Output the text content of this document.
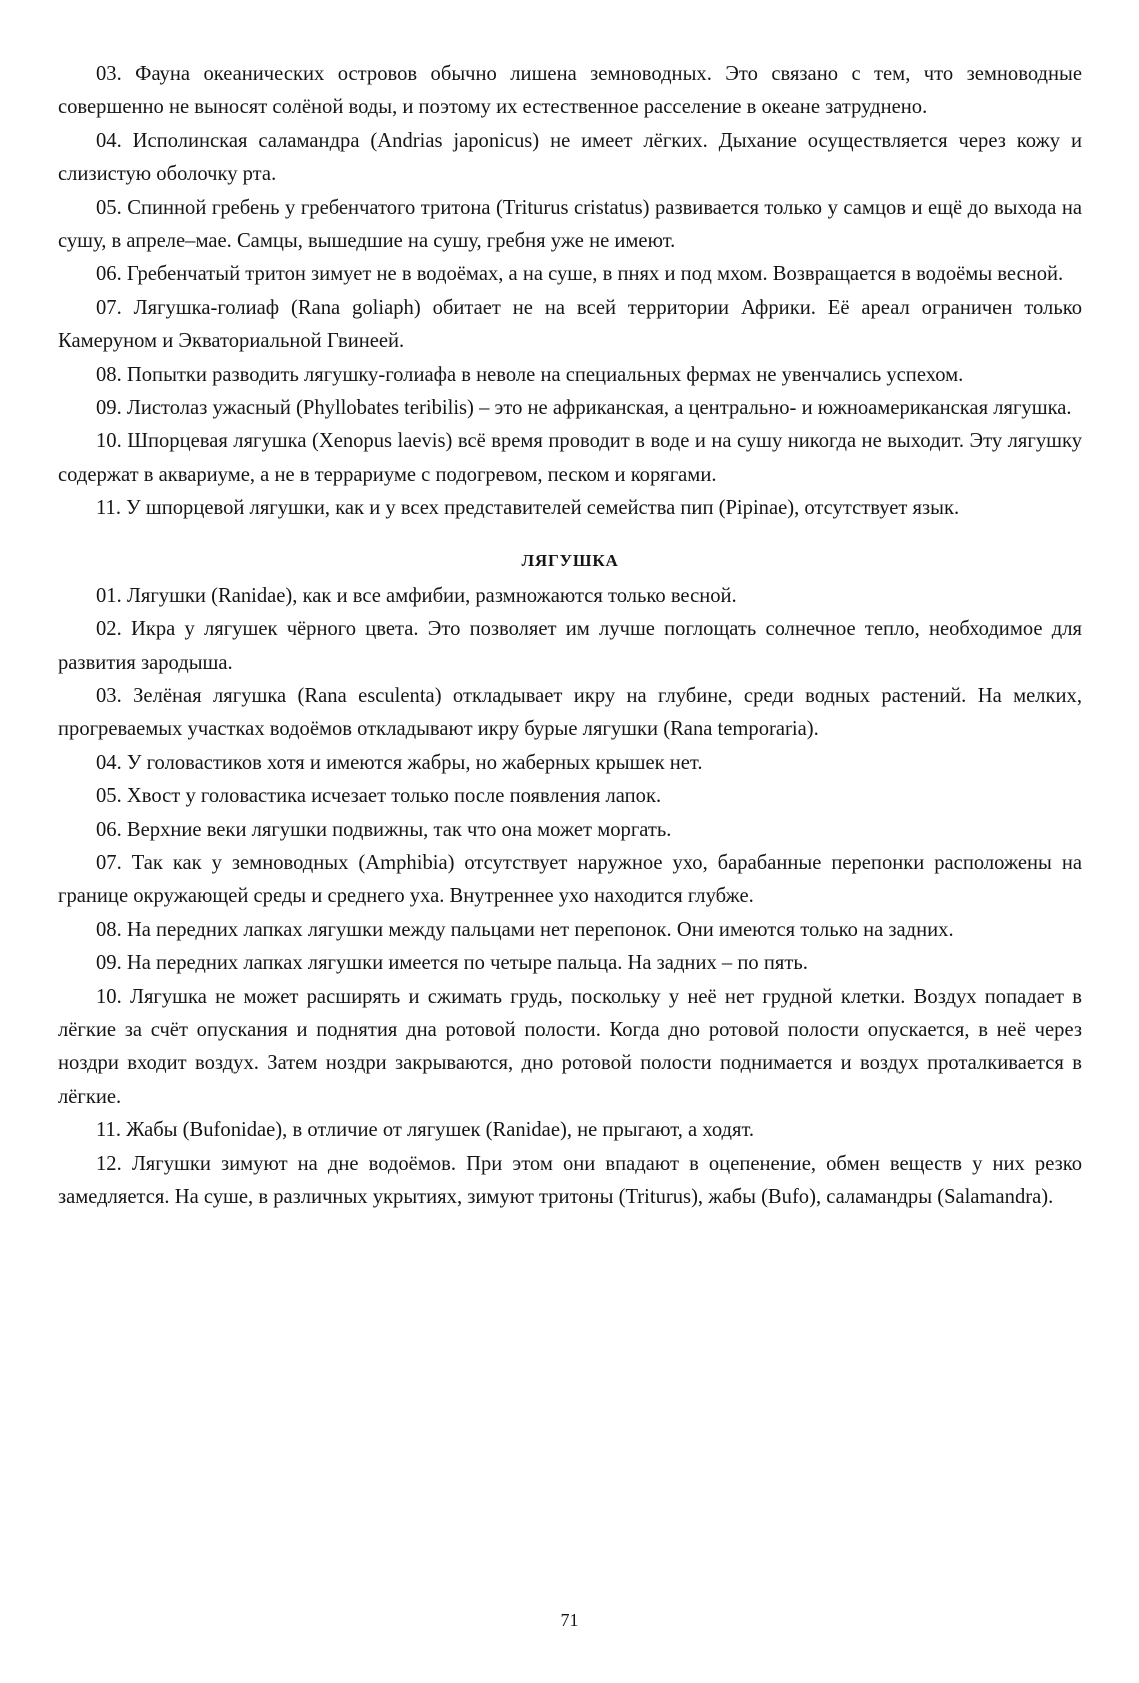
03. Фауна океанических островов обычно лишена земноводных. Это связано с тем, что земноводные совершенно не выносят солёной воды, и поэтому их естественное расселение в океане затруднено.

04. Исполинская саламандра (Andrias japonicus) не имеет лёгких. Дыхание осуществляется через кожу и слизистую оболочку рта.

05. Спинной гребень у гребенчатого тритона (Triturus cristatus) развивается только у самцов и ещё до выхода на сушу, в апреле–мае. Самцы, вышедшие на сушу, гребня уже не имеют.

06. Гребенчатый тритон зимует не в водоёмах, а на суше, в пнях и под мхом. Возвращается в водоёмы весной.

07. Лягушка-голиаф (Rana goliaph) обитает не на всей территории Африки. Её ареал ограничен только Камеруном и Экваториальной Гвинеей.

08. Попытки разводить лягушку-голиафа в неволе на специальных фермах не увенчались успехом.

09. Листолаз ужасный (Phyllobates teribilis) – это не африканская, а центрально- и южноамериканская лягушка.

10. Шпорцевая лягушка (Xenopus laevis) всё время проводит в воде и на сушу никогда не выходит. Эту лягушку содержат в аквариуме, а не в террариуме с подогревом, песком и корягами.

11. У шпорцевой лягушки, как и у всех представителей семейства пип (Pipinae), отсутствует язык.

ЛЯГУШКА

01. Лягушки (Ranidae), как и все амфибии, размножаются только весной.

02. Икра у лягушек чёрного цвета. Это позволяет им лучше поглощать солнечное тепло, необходимое для развития зародыша.

03. Зелёная лягушка (Rana esculenta) откладывает икру на глубине, среди водных растений. На мелких, прогреваемых участках водоёмов откладывают икру бурые лягушки (Rana temporaria).

04. У головастиков хотя и имеются жабры, но жаберных крышек нет.

05. Хвост у головастика исчезает только после появления лапок.

06. Верхние веки лягушки подвижны, так что она может моргать.

07. Так как у земноводных (Amphibia) отсутствует наружное ухо, барабанные перепонки расположены на границе окружающей среды и среднего уха. Внутреннее ухо находится глубже.

08. На передних лапках лягушки между пальцами нет перепонок. Они имеются только на задних.

09. На передних лапках лягушки имеется по четыре пальца. На задних – по пять.

10. Лягушка не может расширять и сжимать грудь, поскольку у неё нет грудной клетки. Воздух попадает в лёгкие за счёт опускания и поднятия дна ротовой полости. Когда дно ротовой полости опускается, в неё через ноздри входит воздух. Затем ноздри закрываются, дно ротовой полости поднимается и воздух проталкивается в лёгкие.

11. Жабы (Bufonidae), в отличие от лягушек (Ranidae), не прыгают, а ходят.

12. Лягушки зимуют на дне водоёмов. При этом они впадают в оцепенение, обмен веществ у них резко замедляется. На суше, в различных укрытиях, зимуют тритоны (Triturus), жабы (Bufo), саламандры (Salamandra).

71
